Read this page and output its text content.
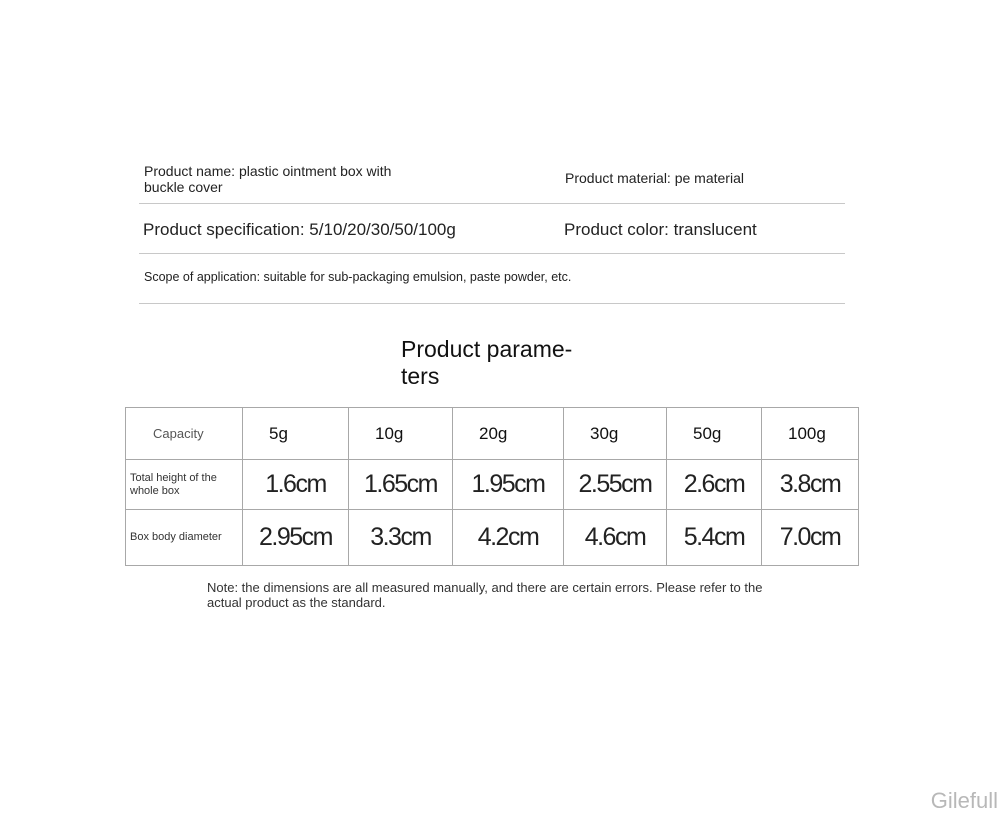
Product name: plastic ointment box with buckle cover
Product material: pe material
Product specification: 5/10/20/30/50/100g	Product color: translucent
Scope of application: suitable for sub-packaging emulsion, paste powder, etc.
Product parame-ters
Capacity	5g	10g	20g	30g	50g	100g
Total height of the whole box	1.6cm	1.65cm	1.95cm	2.55cm	2.6cm	3.8cm
Box body diameter	2.95cm	3.3cm	4.2cm	4.6cm	5.4cm	7.0cm
Note: the dimensions are all measured manually, and there are certain errors. Please refer to the actual product as the standard.
Gilefull
